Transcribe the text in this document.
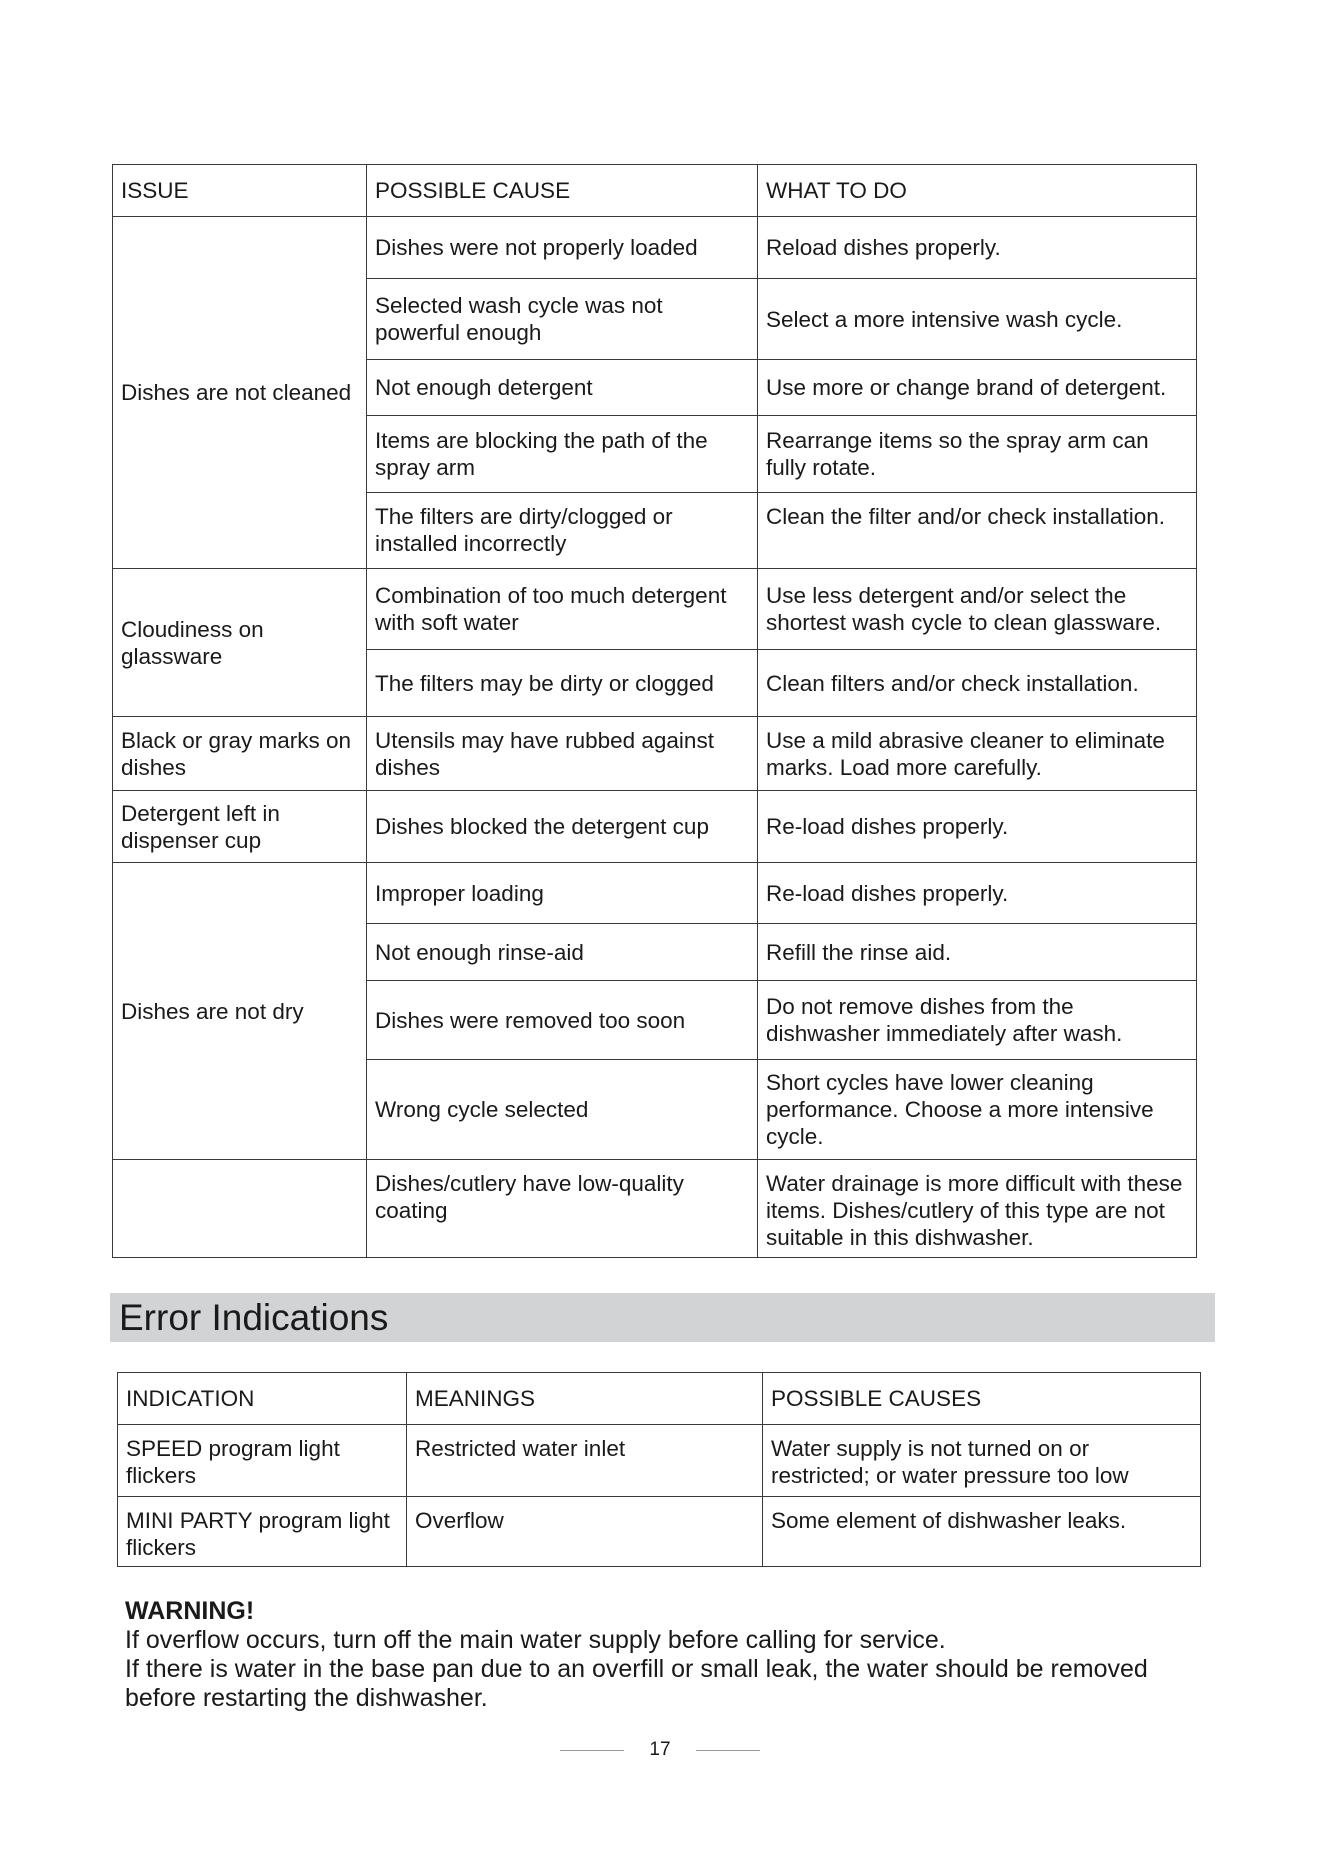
ISSUE	POSSIBLE CAUSE	WHAT TO DO
Dishes are not cleaned	Dishes were not properly loaded	Reload dishes properly.
	Selected wash cycle was not powerful enough	Select a more intensive wash cycle.
	Not enough detergent	Use more or change brand of detergent.
	Items are blocking the path of the spray arm	Rearrange items so the spray arm can fully rotate.
	The filters are dirty/clogged or installed incorrectly	Clean the filter and/or check installation.
Cloudiness on glassware	Combination of too much detergent with soft water	Use less detergent and/or select the shortest wash cycle to clean glassware.
	The filters may be dirty or clogged	Clean filters and/or check installation.
Black or gray marks on dishes	Utensils may have rubbed against dishes	Use a mild abrasive cleaner to eliminate marks. Load more carefully.
Detergent left in dispenser cup	Dishes blocked the detergent cup	Re-load dishes properly.
Dishes are not dry	Improper loading	Re-load dishes properly.
	Not enough rinse-aid	Refill the rinse aid.
	Dishes were removed too soon	Do not remove dishes from the dishwasher immediately after wash.
	Wrong cycle selected	Short cycles have lower cleaning performance. Choose a more intensive cycle.
	Dishes/cutlery have low-quality coating	Water drainage is more difficult with these items. Dishes/cutlery of this type are not suitable in this dishwasher.
Error Indications
INDICATION	MEANINGS	POSSIBLE CAUSES
SPEED program light flickers	Restricted water inlet	Water supply is not turned on or restricted; or water pressure too low
MINI PARTY program light flickers	Overflow	Some element of dishwasher leaks.
WARNING!
If overflow occurs, turn off the main water supply before calling for service.
If there is water in the base pan due to an overfill or small leak, the water should be removed before restarting the dishwasher.
17
